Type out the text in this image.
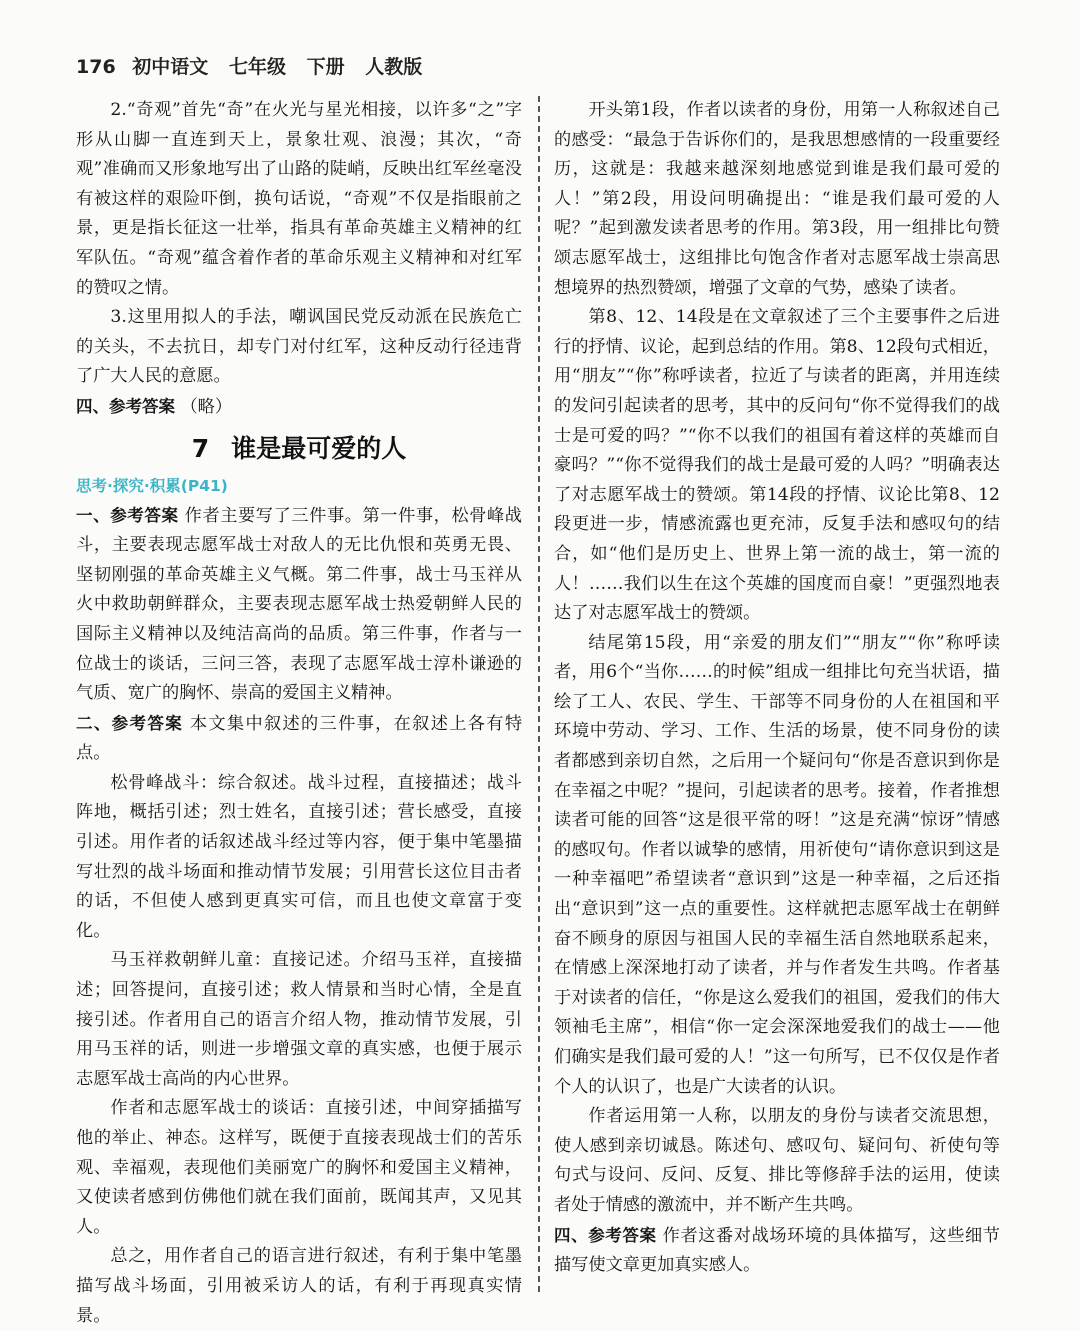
176 初中语文 七年级 下册 人教版

2.“奇观”首先“奇”在火光与星光相接，以许多“之”字形从山脚一直连到天上，景象壮观、浪漫；其次，“奇观”准确而又形象地写出了山路的陡峭，反映出红军丝毫没有被这样的艰险吓倒，换句话说，“奇观”不仅是指眼前之景，更是指长征这一壮举，指具有革命英雄主义精神的红军队伍。“奇观”蕴含着作者的革命乐观主义精神和对红军的赞叹之情。

3.这里用拟人的手法，嘲讽国民党反动派在民族危亡的关头，不去抗日，却专门对付红军，这种反动行径违背了广大人民的意愿。

四、参考答案 （略）

7 谁是最可爱的人
思考·探究·积累(P41)

一、参考答案 作者主要写了三件事。第一件事，松骨峰战斗，主要表现志愿军战士对敌人的无比仇恨和英勇无畏、坚韧刚强的革命英雄主义气概。第二件事，战士马玉祥从火中救助朝鲜群众，主要表现志愿军战士热爱朝鲜人民的国际主义精神以及纯洁高尚的品质。第三件事，作者与一位战士的谈话，三问三答，表现了志愿军战士淳朴谦逊的气质、宽广的胸怀、崇高的爱国主义精神。

二、参考答案 本文集中叙述的三件事，在叙述上各有特点。

松骨峰战斗：综合叙述。战斗过程，直接描述；战斗阵地，概括引述；烈士姓名，直接引述；营长感受，直接引述。用作者的话叙述战斗经过等内容，便于集中笔墨描写壮烈的战斗场面和推动情节发展；引用营长这位目击者的话，不但使人感到更真实可信，而且也使文章富于变化。

马玉祥救朝鲜儿童：直接记述。介绍马玉祥，直接描述；回答提问，直接引述；救人情景和当时心情，全是直接引述。作者用自己的语言介绍人物，推动情节发展，引用马玉祥的话，则进一步增强文章的真实感，也便于展示志愿军战士高尚的内心世界。

作者和志愿军战士的谈话：直接引述，中间穿插描写他的举止、神态。这样写，既便于直接表现战士们的苦乐观、幸福观，表现他们美丽宽广的胸怀和爱国主义精神，又使读者感到仿佛他们就在我们面前，既闻其声，又见其人。

总之，用作者自己的语言进行叙述，有利于集中笔墨描写战斗场面，引用被采访人的话，有利于再现真实情景。

开头第1段，作者以读者的身份，用第一人称叙述自己的感受：“最急于告诉你们的，是我思想感情的一段重要经历，这就是：我越来越深刻地感觉到谁是我们最可爱的人！”第2段，用设问明确提出：“谁是我们最可爱的人呢？”起到激发读者思考的作用。第3段，用一组排比句赞颂志愿军战士，这组排比句饱含作者对志愿军战士崇高思想境界的热烈赞颂，增强了文章的气势，感染了读者。

第8、12、14段是在文章叙述了三个主要事件之后进行的抒情、议论，起到总结的作用。第8、12段句式相近，用“朋友”“你”称呼读者，拉近了与读者的距离，并用连续的发问引起读者的思考，其中的反问句“你不觉得我们的战士是可爱的吗？”“你不以我们的祖国有着这样的英雄而自豪吗？”“你不觉得我们的战士是最可爱的人吗？”明确表达了对志愿军战士的赞颂。第14段的抒情、议论比第8、12段更进一步，情感流露也更充沛，反复手法和感叹句的结合，如“他们是历史上、世界上第一流的战士，第一流的人！……我们以生在这个英雄的国度而自豪！”更强烈地表达了对志愿军战士的赞颂。

结尾第15段，用“亲爱的朋友们”“朋友”“你”称呼读者，用6个“当你……的时候”组成一组排比句充当状语，描绘了工人、农民、学生、干部等不同身份的人在祖国和平环境中劳动、学习、工作、生活的场景，使不同身份的读者都感到亲切自然，之后用一个疑问句“你是否意识到你是在幸福之中呢？”提问，引起读者的思考。接着，作者推想读者可能的回答“这是很平常的呀！”这是充满“惊讶”情感的感叹句。作者以诚挚的感情，用祈使句“请你意识到这是一种幸福吧”希望读者“意识到”这是一种幸福，之后还指出“意识到”这一点的重要性。这样就把志愿军战士在朝鲜奋不顾身的原因与祖国人民的幸福生活自然地联系起来，在情感上深深地打动了读者，并与作者发生共鸣。作者基于对读者的信任，“你是这么爱我们的祖国，爱我们的伟大领袖毛主席”，相信“你一定会深深地爱我们的战士——他们确实是我们最可爱的人！”这一句所写，已不仅仅是作者个人的认识了，也是广大读者的认识。

作者运用第一人称，以朋友的身份与读者交流思想，使人感到亲切诚恳。陈述句、感叹句、疑问句、祈使句等句式与设问、反问、反复、排比等修辞手法的运用，使读者处于情感的激流中，并不断产生共鸣。

四、参考答案 作者这番对战场环境的具体描写，这些细节描写使文章更加真实感人。
